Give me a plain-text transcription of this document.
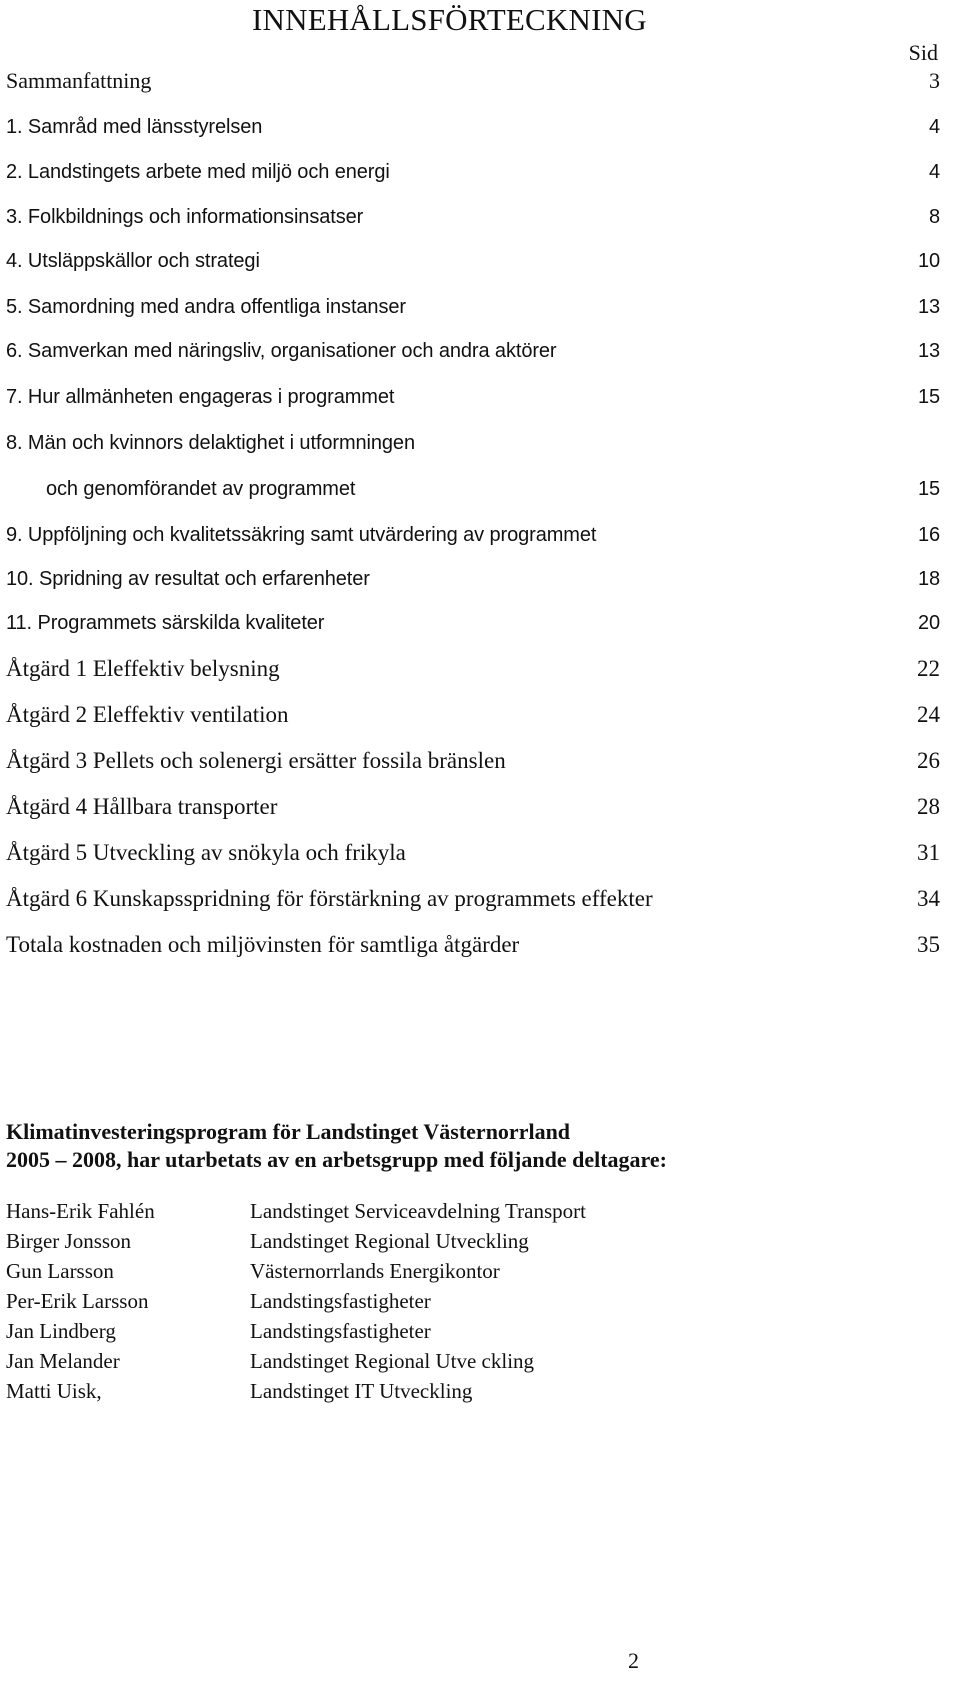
INNEHÅLLSFÖRTECKNING
Sid
Sammanfattning	3
1. Samråd med länsstyrelsen	4
2. Landstingets arbete med miljö och energi	4
3. Folkbildnings och informationsinsatser	8
4. Utsläppskällor och strategi	10
5. Samordning med andra offentliga instanser	13
6. Samverkan med näringsliv, organisationer och andra aktörer	13
7. Hur allmänheten engageras i programmet	15
8. Män och kvinnors delaktighet i utformningen
och genomförandet av programmet	15
9. Uppföljning och kvalitetssäkring samt utvärdering av programmet	16
10. Spridning av resultat och erfarenheter	18
11. Programmets särskilda kvaliteter	20
Åtgärd 1 Eleffektiv belysning	22
Åtgärd 2 Eleffektiv ventilation	24
Åtgärd 3 Pellets och solenergi ersätter fossila bränslen	26
Åtgärd 4 Hållbara transporter	28
Åtgärd 5 Utveckling av snökyla och frikyla	31
Åtgärd 6 Kunskapsspridning för förstärkning av programmets effekter	34
Totala kostnaden och miljövinsten för samtliga åtgärder	35
Klimatinvesteringsprogram för Landstinget Västernorrland
2005 – 2008, har utarbetats av en arbetsgrupp med följande deltagare:
Hans-Erik Fahlén	Landstinget Serviceavdelning Transport
Birger Jonsson	Landstinget Regional Utveckling
Gun Larsson	Västernorrlands Energikontor
Per-Erik Larsson	Landstingsfastigheter
Jan Lindberg	Landstingsfastigheter
Jan Melander	Landstinget Regional Utve ckling
Matti Uisk,	Landstinget IT Utveckling
2
